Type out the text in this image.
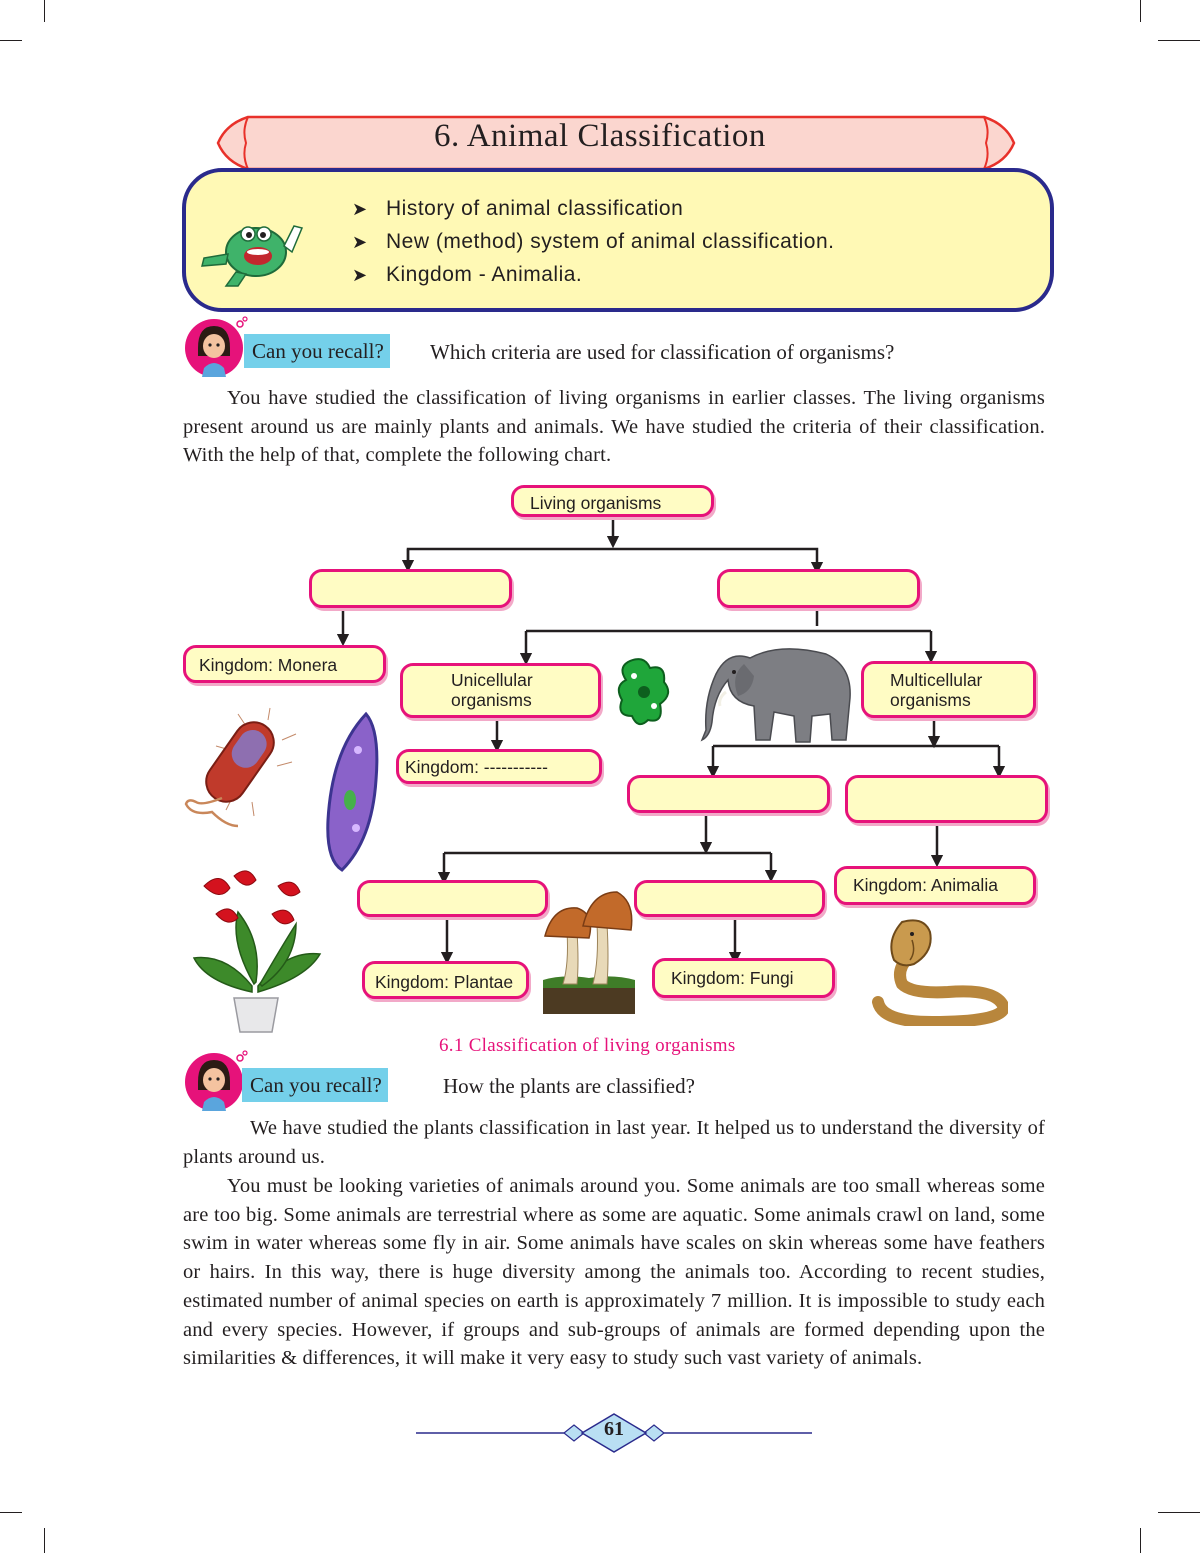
6. Animal Classification
➤ History of animal classification
➤ New (method) system of animal classification.
➤ Kingdom - Animalia.
Can you recall? Which criteria are used for classification of organisms?

You have studied the classification of living organisms in earlier classes. The living organisms present around us are mainly plants and animals. We have studied the criteria of their classification. With the help of that, complete the following chart.

Living organisms
Kingdom: Monera
Unicellular
organisms
Multicellular
organisms
Kingdom: -----------
Kingdom: Animalia
Kingdom: Plantae	Kingdom: Fungi
6.1 Classification of living organisms
Can you recall?	How the plants are classified?

We have studied the plants classification in last year. It helped us to understand the diversity of plants around us.

You must be looking varieties of animals around you. Some animals are too small whereas some are too big. Some animals are terrestrial where as some are aquatic. Some animals crawl on land, some swim in water whereas some fly in air. Some animals have scales on skin whereas some have feathers or hairs. In this way, there is huge diversity among the animals too. According to recent studies, estimated number of animal species on earth is approximately 7 million. It is impossible to study each and every species. However, if groups and sub-groups of animals are formed depending upon the similarities & differences, it will make it very easy to study such vast variety of animals.

61
